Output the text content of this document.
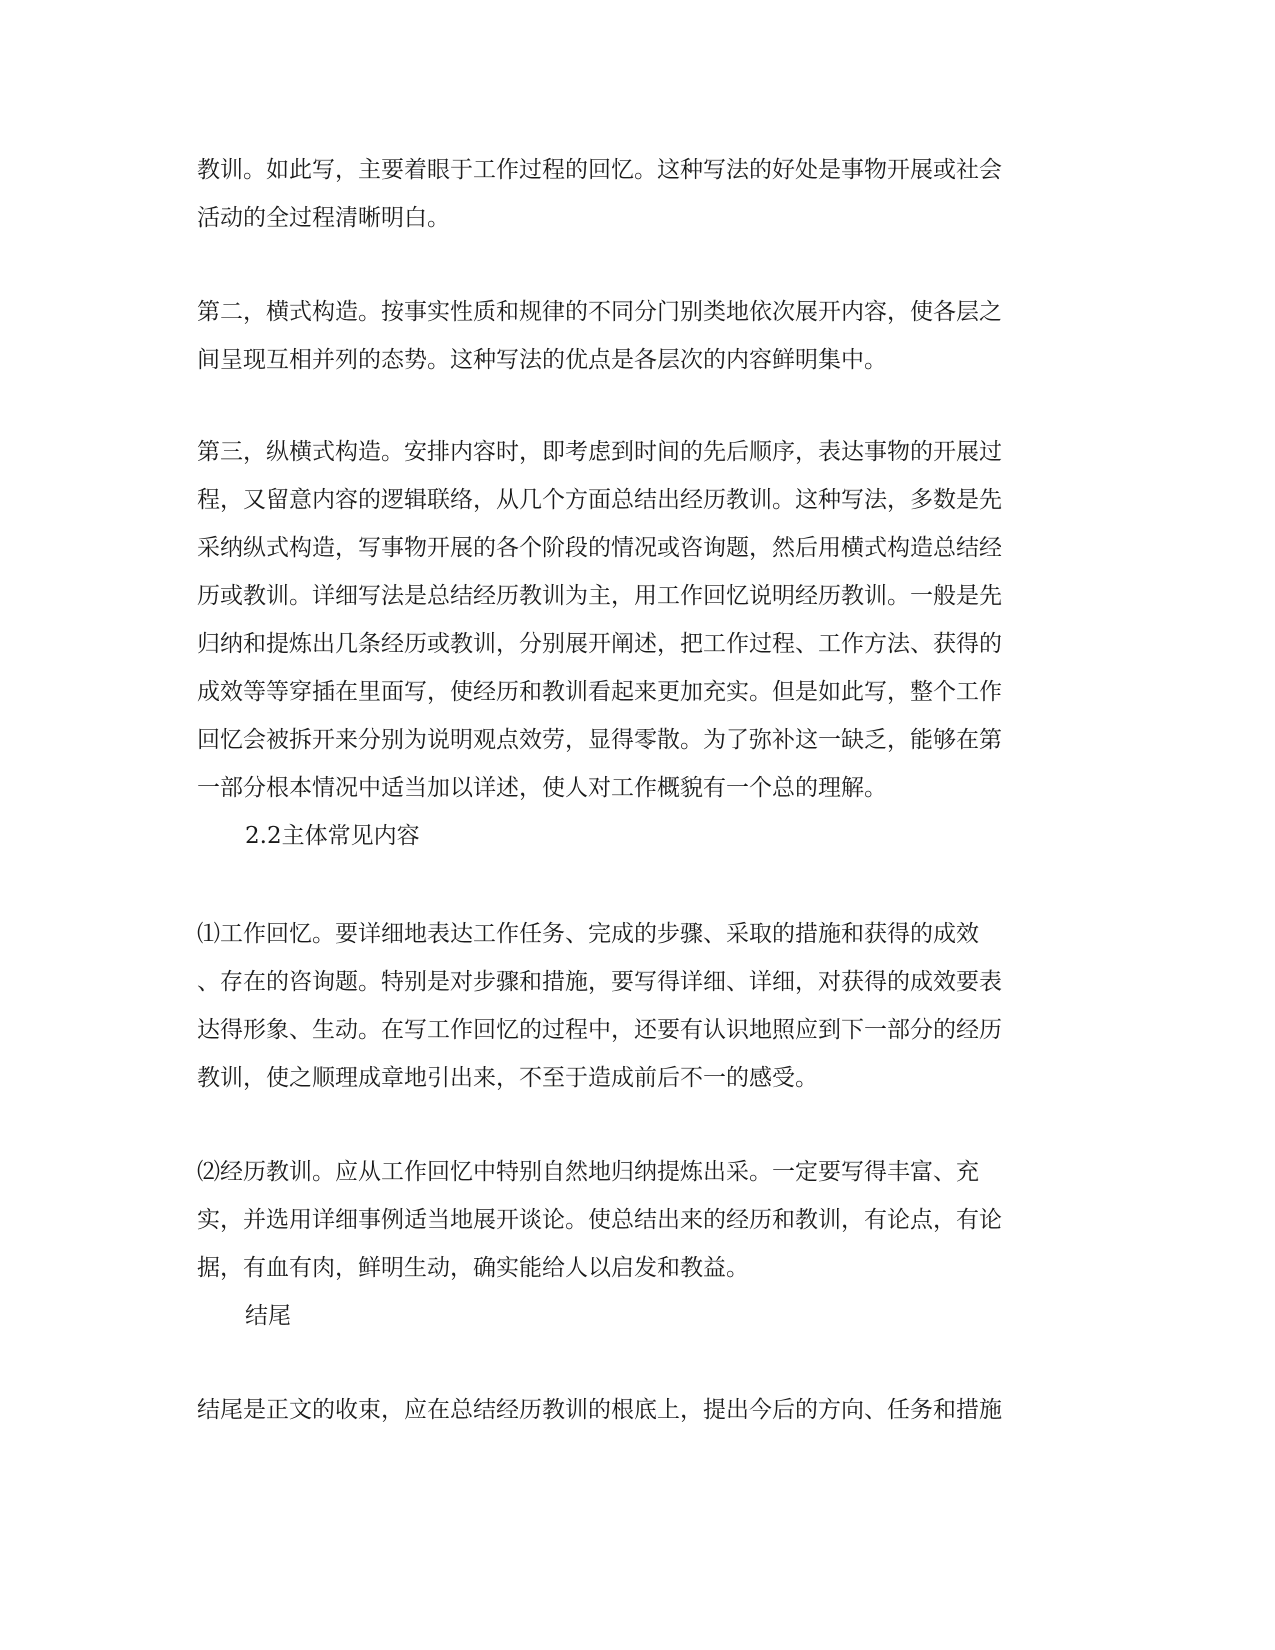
教训。如此写，主要着眼于工作过程的回忆。这种写法的好处是事物开展或社会
活动的全过程清晰明白。
第二，横式构造。按事实性质和规律的不同分门别类地依次展开内容，使各层之
间呈现互相并列的态势。这种写法的优点是各层次的内容鲜明集中。
第三，纵横式构造。安排内容时，即考虑到时间的先后顺序，表达事物的开展过
程，又留意内容的逻辑联络，从几个方面总结出经历教训。这种写法，多数是先
采纳纵式构造，写事物开展的各个阶段的情况或咨询题，然后用横式构造总结经
历或教训。详细写法是总结经历教训为主，用工作回忆说明经历教训。一般是先
归纳和提炼出几条经历或教训，分别展开阐述，把工作过程、工作方法、获得的
成效等等穿插在里面写，使经历和教训看起来更加充实。但是如此写，整个工作
回忆会被拆开来分别为说明观点效劳，显得零散。为了弥补这一缺乏，能够在第
一部分根本情况中适当加以详述，使人对工作概貌有一个总的理解。
2.2主体常见内容
⑴工作回忆。要详细地表达工作任务、完成的步骤、采取的措施和获得的成效
、存在的咨询题。特别是对步骤和措施，要写得详细、详细，对获得的成效要表
达得形象、生动。在写工作回忆的过程中，还要有认识地照应到下一部分的经历
教训，使之顺理成章地引出来，不至于造成前后不一的感受。
⑵经历教训。应从工作回忆中特别自然地归纳提炼出采。一定要写得丰富、充
实，并选用详细事例适当地展开谈论。使总结出来的经历和教训，有论点，有论
据，有血有肉，鲜明生动，确实能给人以启发和教益。
结尾
结尾是正文的收束，应在总结经历教训的根底上，提出今后的方向、任务和措施
